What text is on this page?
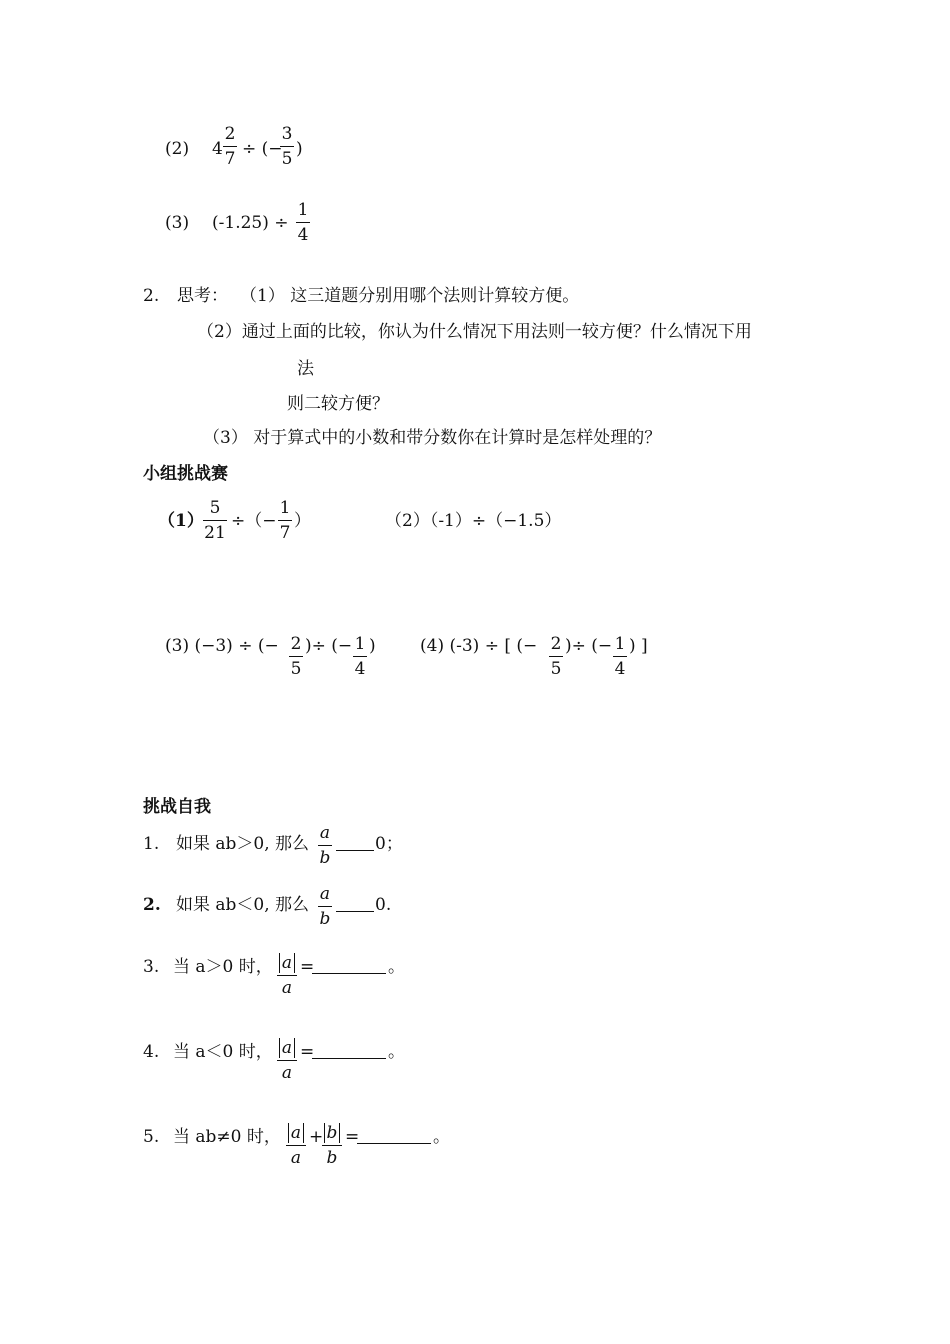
(2) $4 \frac{2}{7}$ ÷ (−
$\frac{3}{5}$ )
(3) $(-1.25) \div \frac{1}{4}$
2. 思考： （1） 这三道题分别用哪个法则计算较方便。
（2）通过上面的比较，你认为什么情况下用法则一较方便？什么情况下用
法
则二较方便？
（3） 对于算式中的小数和带分数你在计算时是怎样处理的？
小组挑战赛
$(1) \frac{5}{21}$ ÷（− $\frac{1}{7}$ ）	（2）（-1）÷（−1.5）
(3) (−3) ÷ (− $\frac{2}{5}$ )÷ (− $\frac{1}{4}$ )	(4) (-3) ÷ [ (− $\frac{2}{5}$ )÷ (− $\frac{1}{4}$ ) ]
挑战自我
1. 如果 ab＞0, 那么 $\frac{a}{b}$	0；
2. 如果 ab＜0, 那么 $\frac{a}{b}$	0.
3. 当 a＞0 时， $\frac{a}{a}$ =	。
4. 当 a＜0 时， $\frac{a}{a}$ =	。
5. 当 ab≠0 时， $\frac{a}{a}$ +
$\frac{b}{b}$ =	。
